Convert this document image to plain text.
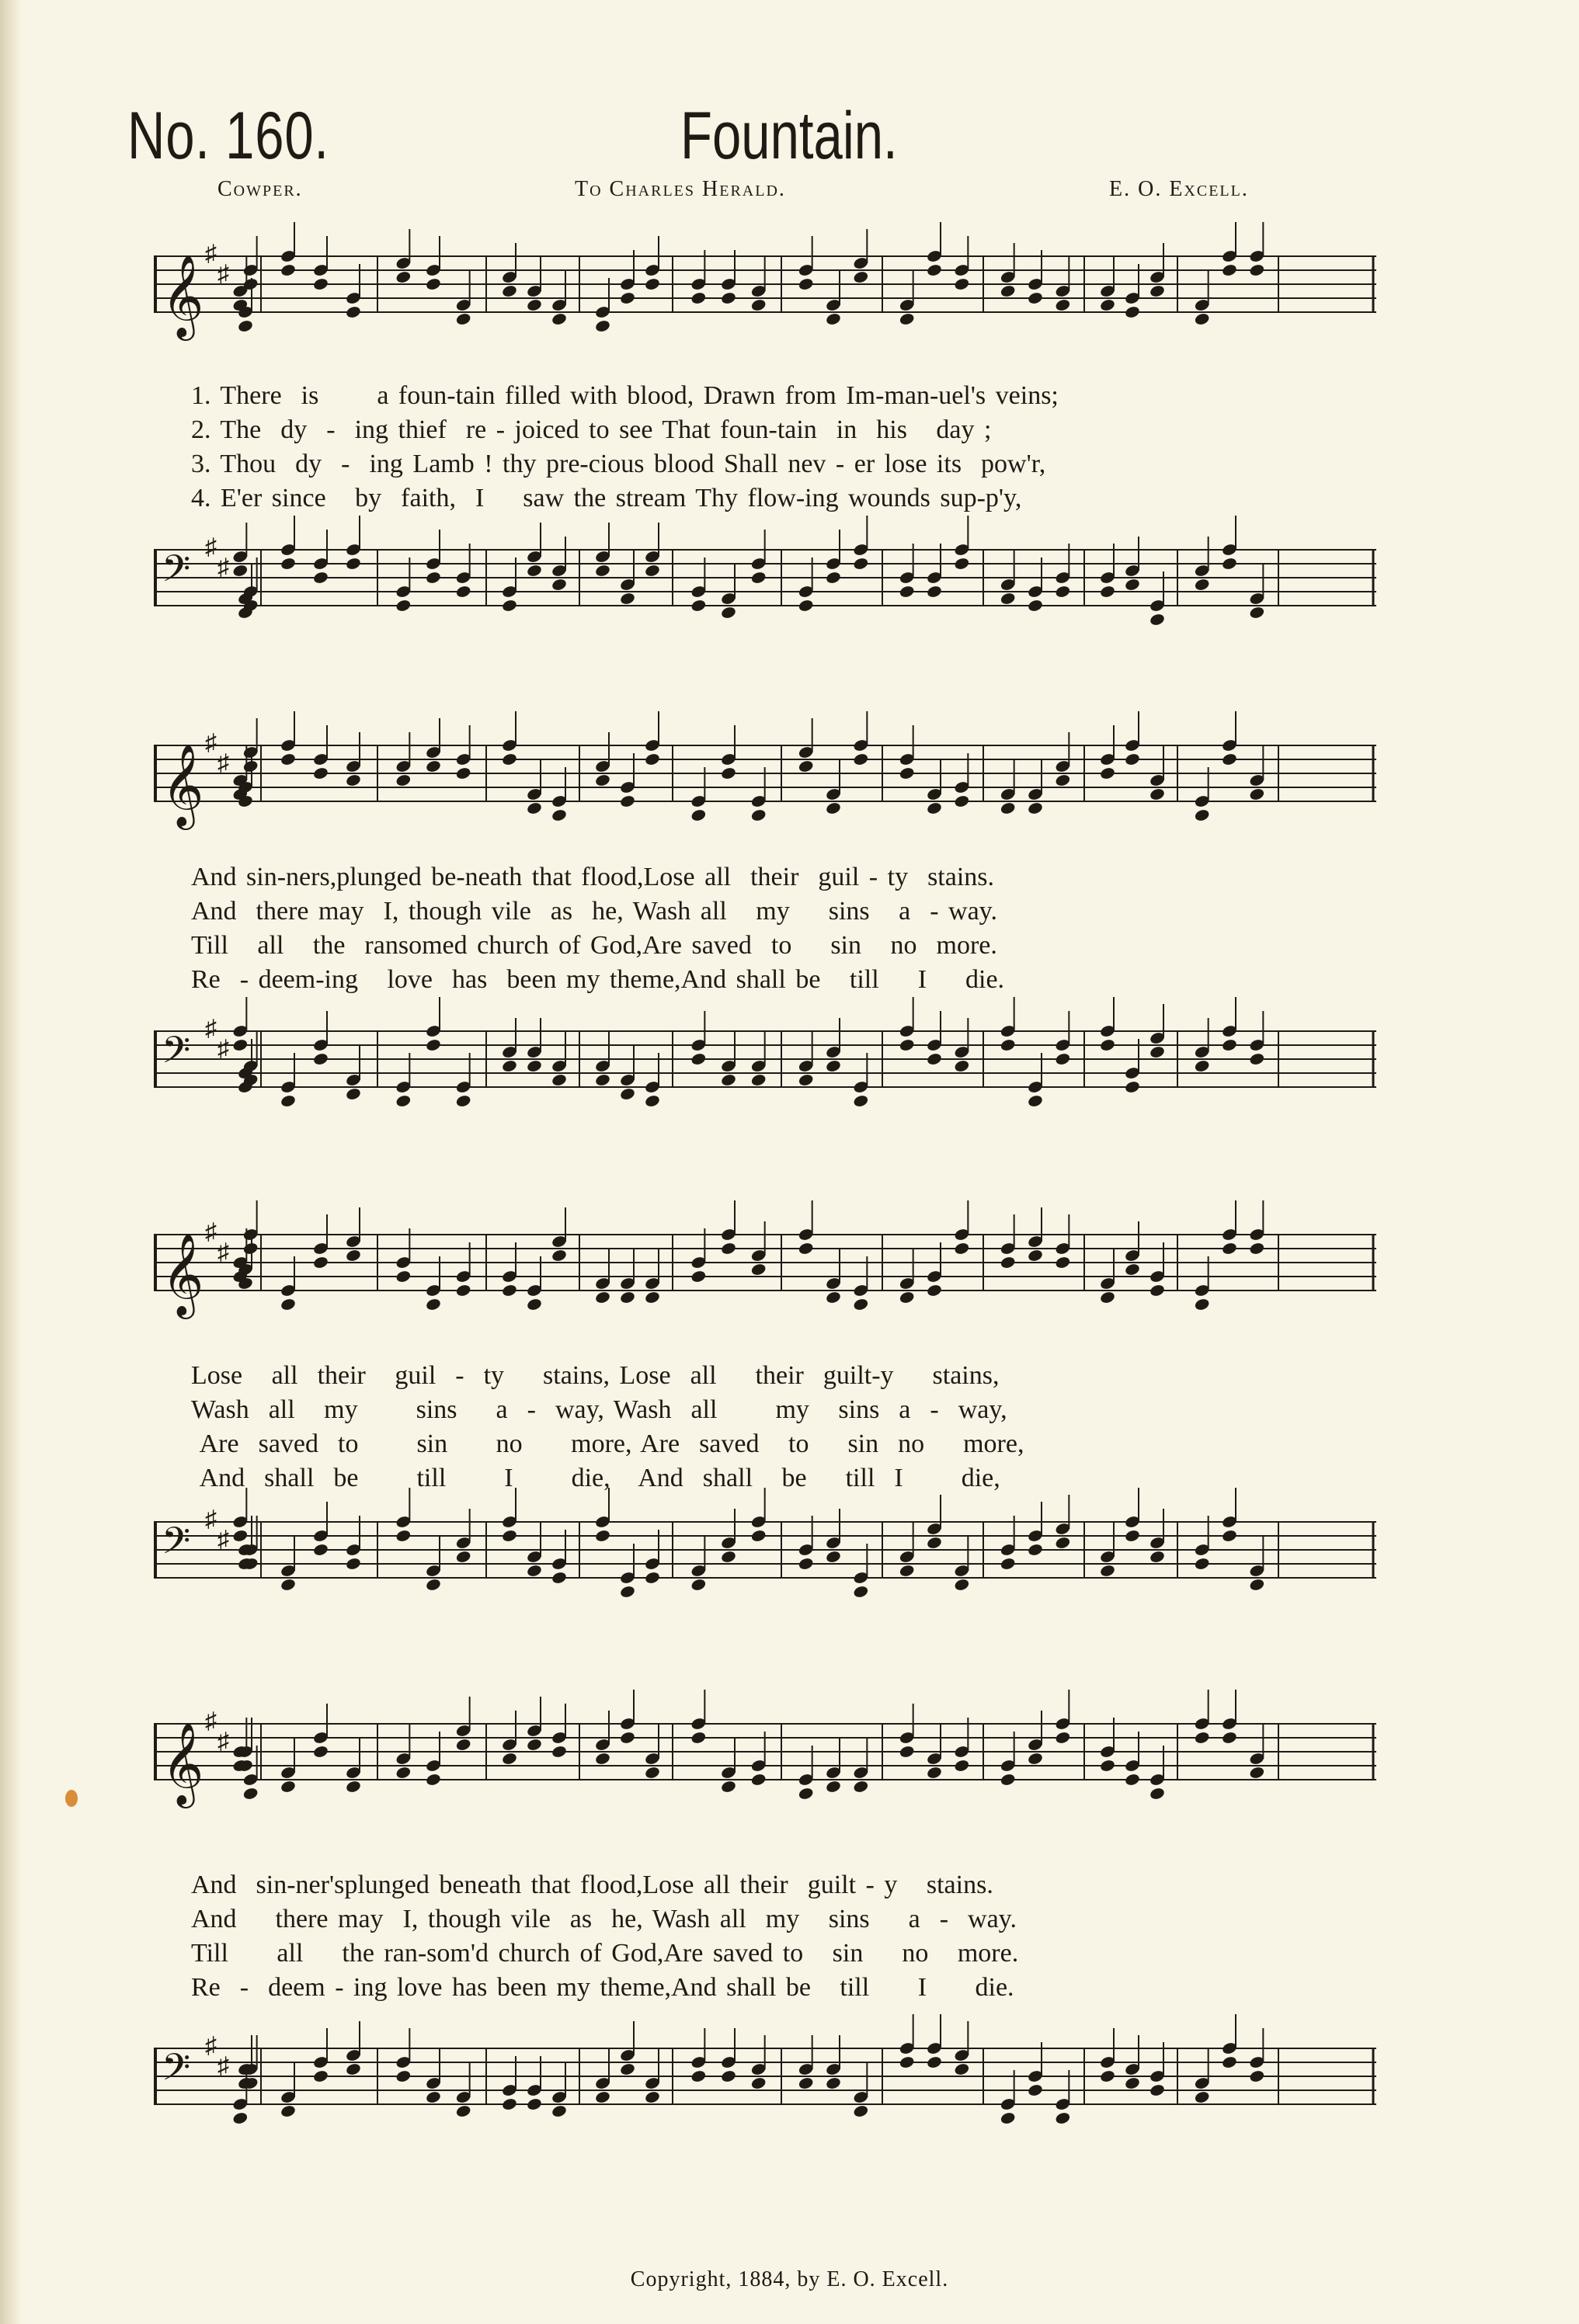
No. 160.	Fountain.
Cowper.	To Charles Herald.	E. O. Excell.
𝄞
♯
♯
1. There  is      a foun-tain filled with blood, Drawn from Im-man-uel's veins;
2. The  dy  -  ing thief  re - joiced to see That foun-tain  in  his   day ;
3. Thou  dy  -  ing Lamb ! thy pre-cious blood Shall nev - er lose its  pow'r,
4. E'er since   by  faith,  I    saw the stream Thy flow-ing wounds sup-p'y,
𝄢 ♯
♯
𝄞
♯
♯
And sin-ners,plunged be-neath that flood,Lose all  their  guil - ty  stains.
And  there may  I, though vile  as  he, Wash all   my    sins   a  - way.
Till   all   the  ransomed church of God,Are saved  to    sin   no  more.
Re  - deem-ing   love  has  been my theme,And shall be   till    I    die.
𝄢 ♯
♯
𝄞
♯
♯
Lose   all  their   guil  -  ty    stains, Lose  all    their  guilt-y    stains,
Wash  all   my      sins    a  -  way, Wash  all      my   sins  a  -  way,
Are  saved  to      sin     no     more, Are  saved   to    sin  no    more,
And  shall  be      till      I      die,   And  shall   be    till  I      die,
𝄢 ♯
♯
𝄞
♯
♯
And  sin-ner'splunged beneath that flood,Lose all their  guilt - y   stains.
And    there may  I, though vile  as  he, Wash all  my   sins    a  -  way.
Till     all    the ran-som'd church of God,Are saved to   sin    no   more.
Re  -  deem - ing love has been my theme,And shall be   till     I     die.
𝄢 ♯
♯
Copyright, 1884, by E. O. Excell.
